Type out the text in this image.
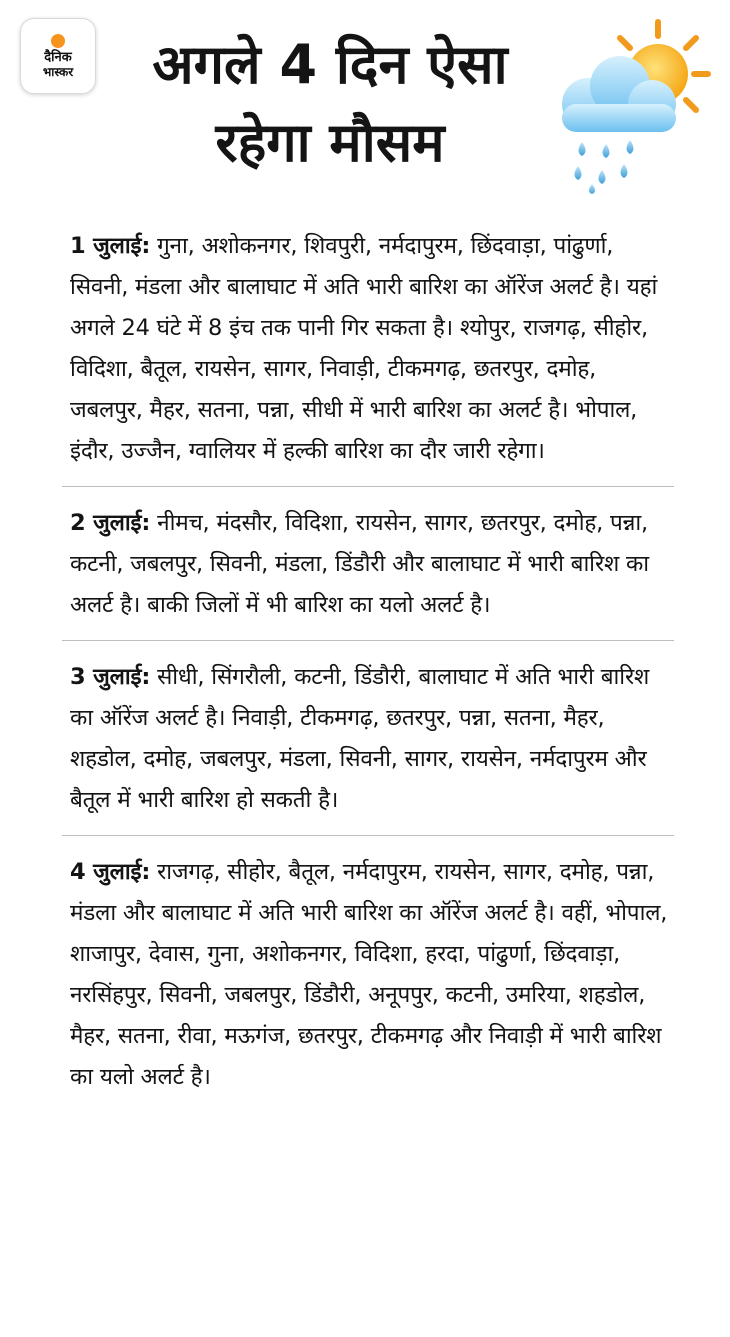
दैनिक
भास्कर	अगले 4 दिन ऐसा रहेगा मौसम

1 जुलाई: गुना, अशोकनगर, शिवपुरी, नर्मदापुरम, छिंदवाड़ा, पांढुर्णा, सिवनी, मंडला और बालाघाट में अति भारी बारिश का ऑरेंज अलर्ट है। यहां अगले 24 घंटे में 8 इंच तक पानी गिर सकता है। श्योपुर, राजगढ़, सीहोर, विदिशा, बैतूल, रायसेन, सागर, निवाड़ी, टीकमगढ़, छतरपुर, दमोह, जबलपुर, मैहर, सतना, पन्ना, सीधी में भारी बारिश का अलर्ट है। भोपाल, इंदौर, उज्जैन, ग्वालियर में हल्की बारिश का दौर जारी रहेगा।

2 जुलाई: नीमच, मंदसौर, विदिशा, रायसेन, सागर, छतरपुर, दमोह, पन्ना, कटनी, जबलपुर, सिवनी, मंडला, डिंडौरी और बालाघाट में भारी बारिश का अलर्ट है। बाकी जिलों में भी बारिश का यलो अलर्ट है।

3 जुलाई: सीधी, सिंगरौली, कटनी, डिंडौरी, बालाघाट में अति भारी बारिश का ऑरेंज अलर्ट है। निवाड़ी, टीकमगढ़, छतरपुर, पन्ना, सतना, मैहर, शहडोल, दमोह, जबलपुर, मंडला, सिवनी, सागर, रायसेन, नर्मदापुरम और बैतूल में भारी बारिश हो सकती है।

4 जुलाई: राजगढ़, सीहोर, बैतूल, नर्मदापुरम, रायसेन, सागर, दमोह, पन्ना, मंडला और बालाघाट में अति भारी बारिश का ऑरेंज अलर्ट है। वहीं, भोपाल, शाजापुर, देवास, गुना, अशोकनगर, विदिशा, हरदा, पांढुर्णा, छिंदवाड़ा, नरसिंहपुर, सिवनी, जबलपुर, डिंडौरी, अनूपपुर, कटनी, उमरिया, शहडोल, मैहर, सतना, रीवा, मऊगंज, छतरपुर, टीकमगढ़ और निवाड़ी में भारी बारिश का यलो अलर्ट है।
